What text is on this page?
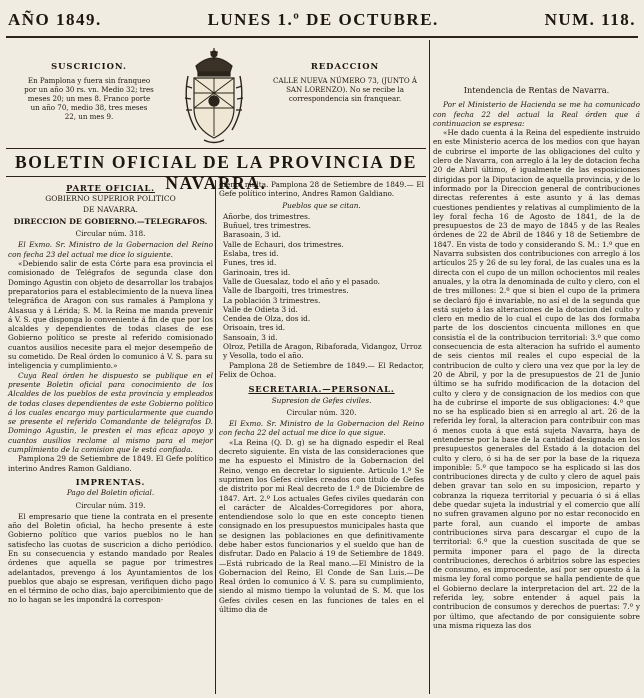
AÑO 1849.	LUNES 1.º DE OCTUBRE.	NUM. 118.
SUSCRICION.
En Pamplona y fuera sin franqueo por un año 30 rs. vn. Medio 32; tres meses 20; un mes 8. Franco porte un año 70, medio 38, tres meses 22, un mes 9.
REDACCION
CALLE NUEVA NÚMERO 73, (JUNTO Á SAN LORENZO). No se recibe la correspondencia sin franquear.
BOLETIN OFICIAL DE LA PROVINCIA DE NAVARRA.
PARTE OFICIAL.
GOBIERNO SUPERIOR POLITICO
DE NAVARRA.
DIRECCION DE GOBIERNO.—TELEGRAFOS.
Circular núm. 318.

El Exmo. Sr. Ministro de la Gobernacion del Reino con fecha 23 del actual me dice lo siguiente.

«Debiendo salir de esta Córte para esa provincia el comisionado de Telégrafos de segunda clase don Domingo Agustin con objeto de desarrollar los trabajos preparatorios para el establecimiento de la nueva línea telegráfica de Aragon con sus ramales á Pamplona y Alsasua y á Lérida; S. M. la Reina me manda prevenir á V. S. que disponga lo conveniente á fin de que por los alcaldes y dependientes de todas clases de ese Gobierno político se preste al referido comisionado cuantos ausilios necesite para el mejor desempeño de su cometido. De Real órden lo comunico á V. S. para su inteligencia y cumplimiento.»

Cuya Real órden he dispuesto se publique en el presente Boletin oficial para conocimiento de los Alcaldes de los pueblos de esta provincia y empleados de todas clases dependientes de este Gobierno político á los cuales encargo muy particularmente que cuando se presente el referido Comandante de telégrafos D. Domingo Agustin, le presten el mas eficaz apoyo y cuantos ausilios reclame al mismo para el mejor cumplimiento de la comision que le está confiada.

Pamplona 29 de Setiembre de 1849. El Gefe político interino Andres Ramon Galdiano.

IMPRENTAS.
Pago del Boletin oficial.
Circular núm. 319.

El empresario que tiene la contrata en el presente año del Boletin oficial, ha hecho presente á este Gobierno político que varios pueblos no le han satisfecho las cuotas de suscricion a dicho periódico. En su consecuencia y estando mandado por Reales órdenes que aquella se pague por trimestres adelantados, prevengo á los Ayuntamientos de los pueblos que abajo se espresan, verifiquen dicho pago en el término de ocho dias, bajo apercibimiento que de no lo hagan se les impondrá la correspon-

diente multa. Pamplona 28 de Setiembre de 1849.— El Gefe político interino, Andres Ramon Galdiano.

Pueblos que se citan.
Añorbe, dos trimestres.
Buñuel, tres trimestres.
Barasoain, 3 id.
Valle de Echauri, dos trimestres.
Eslaba, tres id.
Funes, tres id.
Garinoain, tres id.
Valle de Guesalaz, todo el año y el pasado.
Valle de Ibargoiti, tres trimestres.
La población 3 trimestres.
Valle de Odieta 3 id.
Cendea de Olza, dos id.
Orisoain, tres id.
Sansoain, 3 id.
Olroz, Petilla de Aragon, Ribaforada, Vidangoz, Urroz y Vesolla, todo el año.

Pamplona 28 de Setiembre de 1849.— El Redactor, Felix de Ochoa.

SECRETARIA.—PERSONAL.
Supresion de Gefes civiles.
Circular núm. 320.

El Exmo. Sr. Ministro de la Gobernacion del Reino con fecha 22 del actual me dice lo que sigue.

«La Reina (Q. D. g) se ha dignado espedir el Real decreto siguiente. En vista de las consideraciones que me ha espuesto el Ministro de la Gobernacion del Reino, vengo en decretar lo siguiente. Articulo 1.º Se suprimen los Gefes civiles creados con titulo de Gefes de distrito por mi Real decreto de 1.º de Diciembre de 1847. Art. 2.º Los actuales Gefes civiles quedarán con el carácter de Alcaldes-Corregidores por ahora, entendiendose solo lo que en este concepto tienen consignado en los presupuestos municipales hasta que se designen las poblaciones en que definitivamente debe haber estos funcionarios y el sueldo que han de disfrutar. Dado en Palacio á 19 de Setiembre de 1849.—Está rubricado de la Real mano.—El Ministro de la Gobernacion del Reino, El Conde de San Luis.—De Real órden lo comunico á V. S. para su cumplimiento, siendo al mismo tiempo la voluntad de S. M. que los Gefes civiles cesen en las funciones de tales en el último dia de

Intendencia de Rentas de Navarra.

Por el Ministerio de Hacienda se me ha comunicado con fecha 22 del actual la Real órden que á continuacion se espresa:

«He dado cuenta á la Reina del espediente instruido en este Ministerio acerca de los medios con que hayan de cubrirse el importe de las obligaciones del culto y clero de Navarra, con arreglo á la ley de dotacion fecha 20 de Abril último, é igualmente de las esposiciones dirigidas por la Diputacion de aquella provincia, y de lo informado por la Direccion general de contribuciones directas referentes á este asunto y á las demas cuestiones pendientes y relativas al cumplimiento de la ley foral fecha 16 de Agosto de 1841, de la de presupuestos de 23 de mayo de 1845 y de las Reales órdenes de 22 de Abril de 1846 y 18 de Setiembre de 1847. En vista de todo y considerando S. M.: 1.º que en Navarra subsisten dos contribuciones con arreglo á los artículos 25 y 26 de su ley foral, de las cuales una es la directa con el cupo de un millon ochocientos mil reales anuales, y la otra la denominada de culto y clero, con el de tres millones: 2.º que si bien el cupo de la primera se declaró fijo é invariable, no así el de la segunda que está sujeto á las alteraciones de la dotacion del culto y clero en medio de lo cual el cupo de las dos formaba parte de los doscientos cincuenta millones en que consistía el de la contribucion territorial: 3.º que como consecuencia de esta alteracion ha sufrido el aumento de seis cientos mil reales el cupo especial de la contribucion de culto y clero una vez que por la ley de 20 de Abril, y por la de presupuestos de 21 de Junio último se ha sufrido modificacion de la dotacion del culto y clero y de consignacion de los medios con que ha de cubrirse el importe de sus obligaciones: 4.º que no se ha esplicado bien si en arreglo al art. 26 de la referida ley foral, la alteracion para contribuir con mas ó menos cuota á que está sujeta Navarra, haya de entenderse por la base de la cantidad designada en los presupuestos generales del Estado á la dotacion del culto y clero, ó si ha de ser por la base de la riqueza imponible: 5.º que tampoco se ha esplicado si las dos contribuciones directa y de culto y clero de aquel pais deben gravar tan solo en su imposicion, reparto y cobranza la riqueza territorial y pecuaria ó si á ellas debe quedar sujeta la industrial y el comercio que allí no sufren gravamen alguno por no estar reconocido en parte foral, aun cuando el importe de ambas contribuciones sirva para descargar el cupo de la territorial: 6.º que la cuestion suscitada de que se permita imponer para el pago de la directa contribuciones, derechos ó arbitrios sobre las especies de consumo, es improcedente, así por ser opuesto á la misma ley foral como porque se halla pendiente de que el Gobierno declare la interpretacion del art. 22 de la referida ley, sobre entender á aquel pais la contribucion de consumos y derechos de puertas: 7.º y por último, que afectando de por consiguiente sobre una misma riqueza las dos
